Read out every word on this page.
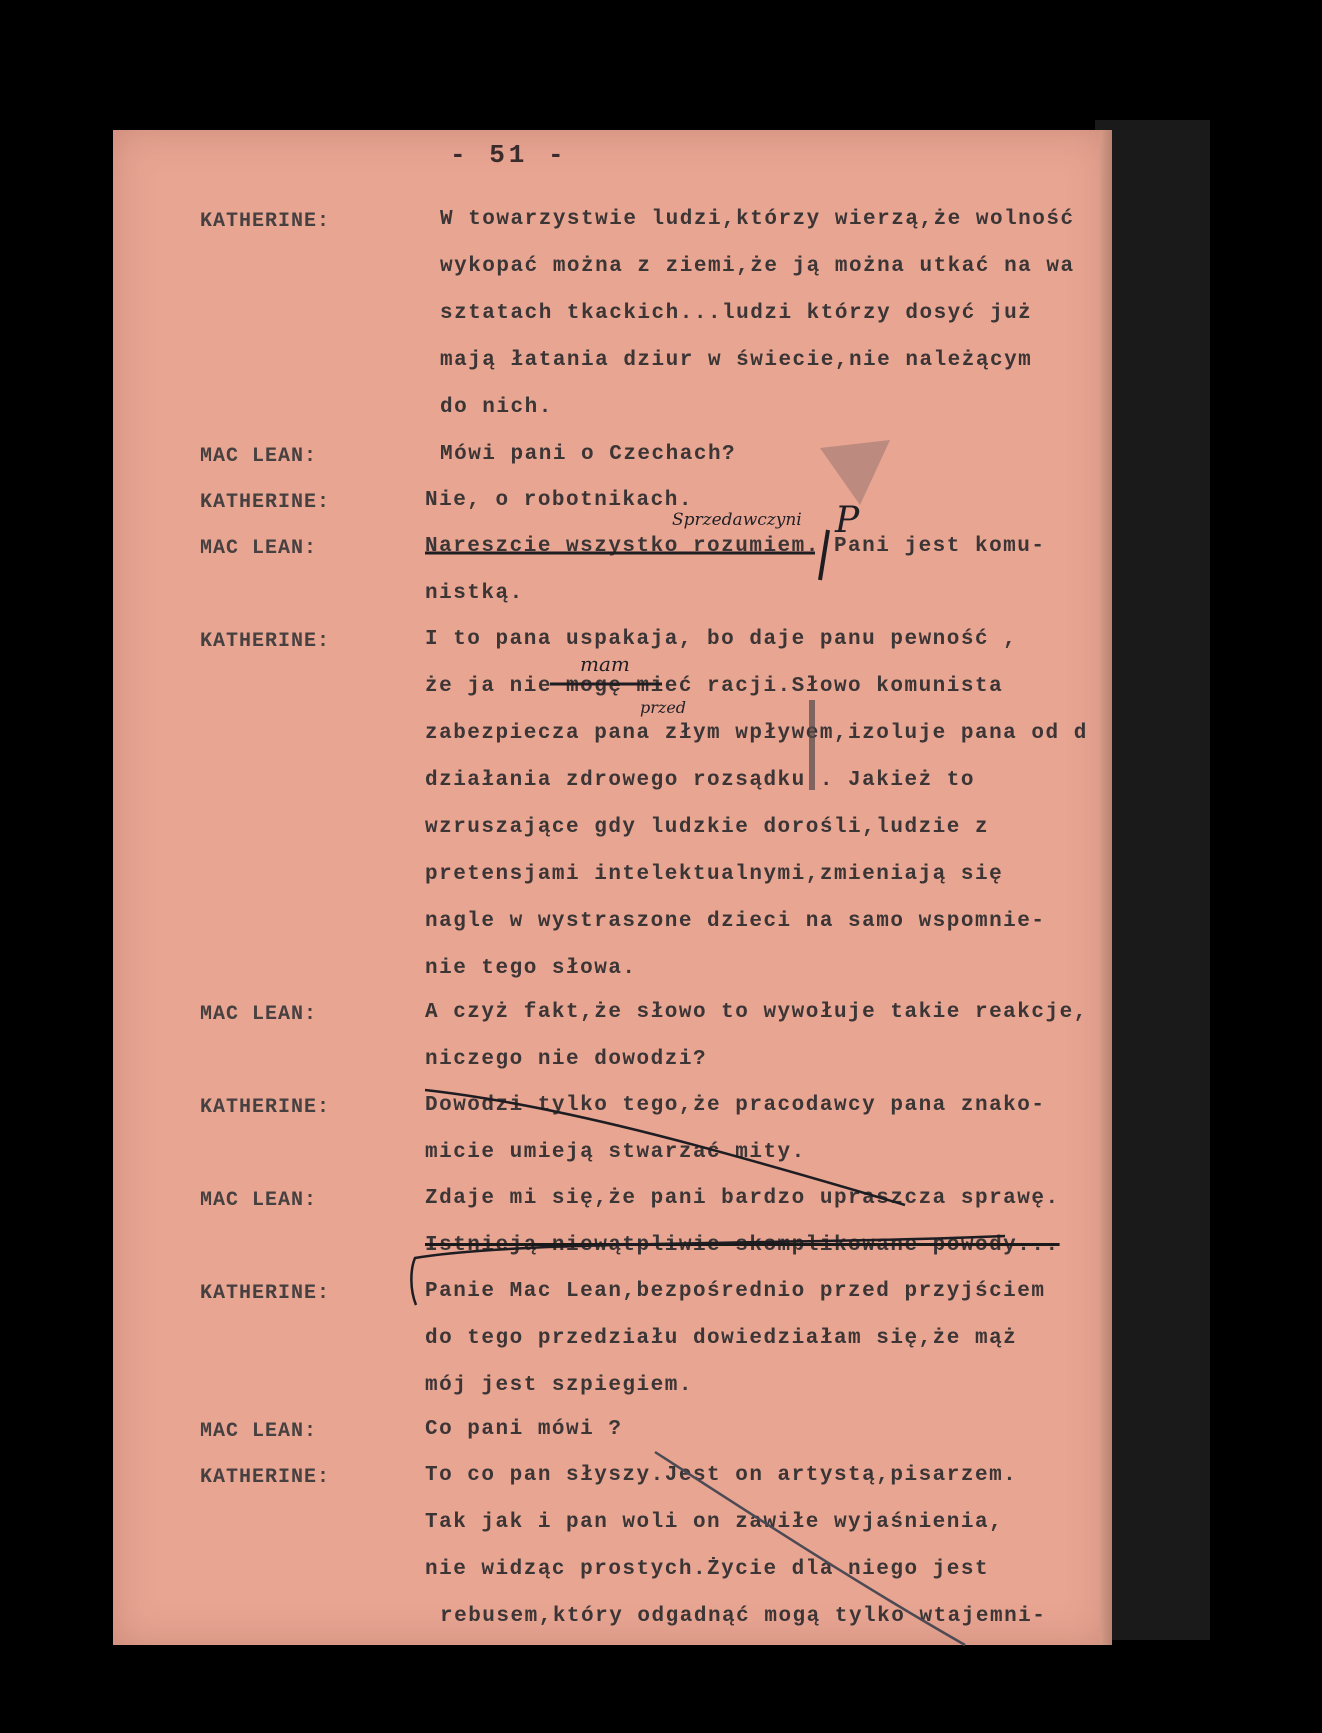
- 51 -
KATHERINE:	W towarzystwie ludzi,którzy wierzą,że wolność
wykopać można z ziemi,że ją można utkać na wa
sztatach tkackich...ludzi którzy dosyć już
mają łatania dziur w świecie,nie należącym
do nich.
MAC LEAN:	Mówi pani o Czechach?
KATHERINE:	Nie, o robotnikach.
MAC LEAN:	Nareszcie wszystko rozumiem. Pani jest komu-
nistką.
KATHERINE:	I to pana uspakaja, bo daje panu pewność ,
że ja nie mogę mieć racji.Słowo komunista
zabezpiecza pana złym wpływem,izoluje pana od d
działania zdrowego rozsądku . Jakież to
wzruszające gdy ludzkie dorośli,ludzie z
pretensjami intelektualnymi,zmieniają się
nagle w wystraszone dzieci na samo wspomnie-
nie tego słowa.
MAC LEAN:	A czyż fakt,że słowo to wywołuje takie reakcje,
niczego nie dowodzi?
KATHERINE:	Dowodzi tylko tego,że pracodawcy pana znako-
micie umieją stwarzać mity.
MAC LEAN:	Zdaje mi się,że pani bardzo upraszcza sprawę.
Istnieją niewątpliwie skomplikowane powody...
KATHERINE:	Panie Mac Lean,bezpośrednio przed przyjściem
do tego przedziału dowiedziałam się,że mąż
mój jest szpiegiem.
MAC LEAN:	Co pani mówi ?
KATHERINE:	To co pan słyszy.Jest on artystą,pisarzem.
Tak jak i pan woli on zawiłe wyjaśnienia,
nie widząc prostych.Życie dla niego jest
rebusem,który odgadnąć mogą tylko wtajemni-
Sprzedawczyni P
mam
przed
